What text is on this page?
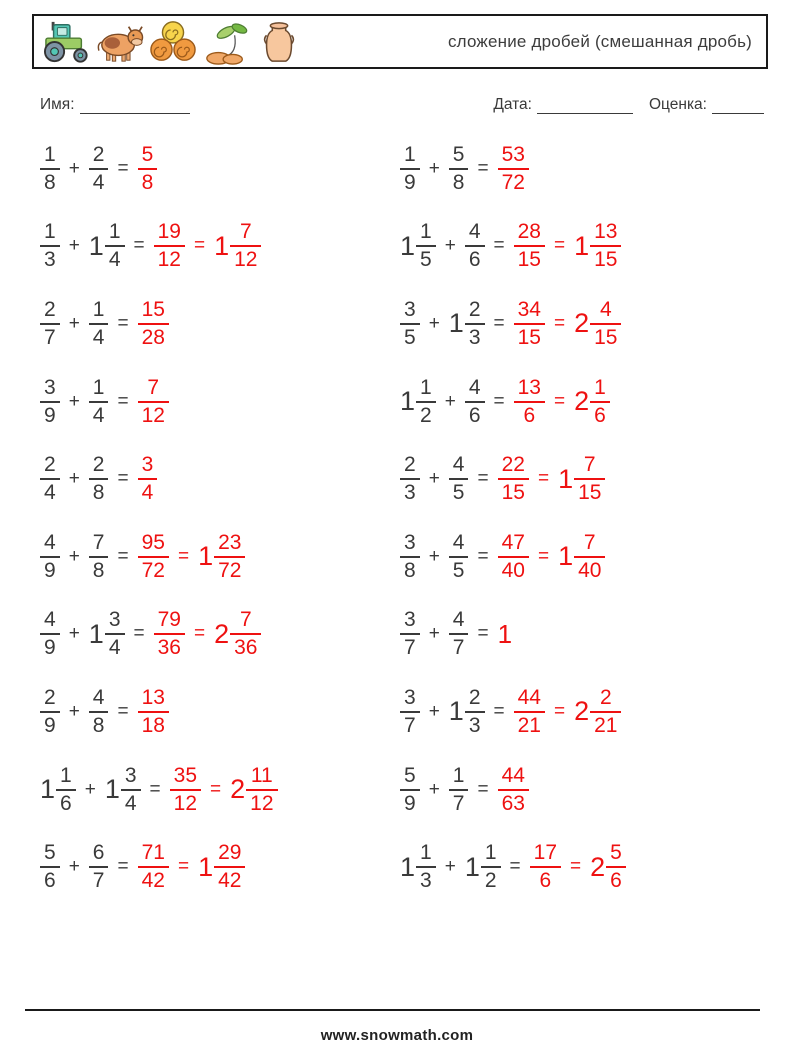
сложение дробей (смешанная дробь)
Имя:	Дата:	Оценка:
$\frac{1}{8} + \frac{2}{4} = \frac{5}{8}$	$\frac{1}{9} + \frac{5}{8} = \frac{53}{72}$
$\frac{1}{3} + 1 \frac{1}{4} = \frac{19}{12} = 1 \frac{7}{12}$	$1 \frac{1}{5} + \frac{4}{6} = \frac{28}{15} = 1 \frac{13}{15}$
$\frac{2}{7} + \frac{1}{4} = \frac{15}{28}$	$\frac{3}{5} + 1 \frac{2}{3} = \frac{34}{15} = 2 \frac{4}{15}$
$\frac{3}{9} + \frac{1}{4} = \frac{7}{12}$	$1 \frac{1}{2} + \frac{4}{6} = \frac{13}{6} = 2 \frac{1}{6}$
$\frac{2}{4} + \frac{2}{8} = \frac{3}{4}$	$\frac{2}{3} + \frac{4}{5} = \frac{22}{15} = 1 \frac{7}{15}$
$\frac{4}{9} + \frac{7}{8} = \frac{95}{72} = 1 \frac{23}{72}$	$\frac{3}{8} + \frac{4}{5} = \frac{47}{40} = 1 \frac{7}{40}$
$\frac{4}{9} + 1 \frac{3}{4} = \frac{79}{36} = 2 \frac{7}{36}$	$\frac{3}{7} + \frac{4}{7} = 1$
$\frac{2}{9} + \frac{4}{8} = \frac{13}{18}$	$\frac{3}{7} + 1 \frac{2}{3} = \frac{44}{21} = 2 \frac{2}{21}$
$1 \frac{1}{6} + 1 \frac{3}{4} = \frac{35}{12} = 2 \frac{11}{12}$	$\frac{5}{9} + \frac{1}{7} = \frac{44}{63}$
$\frac{5}{6} + \frac{6}{7} = \frac{71}{42} = 1 \frac{29}{42}$	$1 \frac{1}{3} + 1 \frac{1}{2} = \frac{17}{6} = 2 \frac{5}{6}$
www.snowmath.com
